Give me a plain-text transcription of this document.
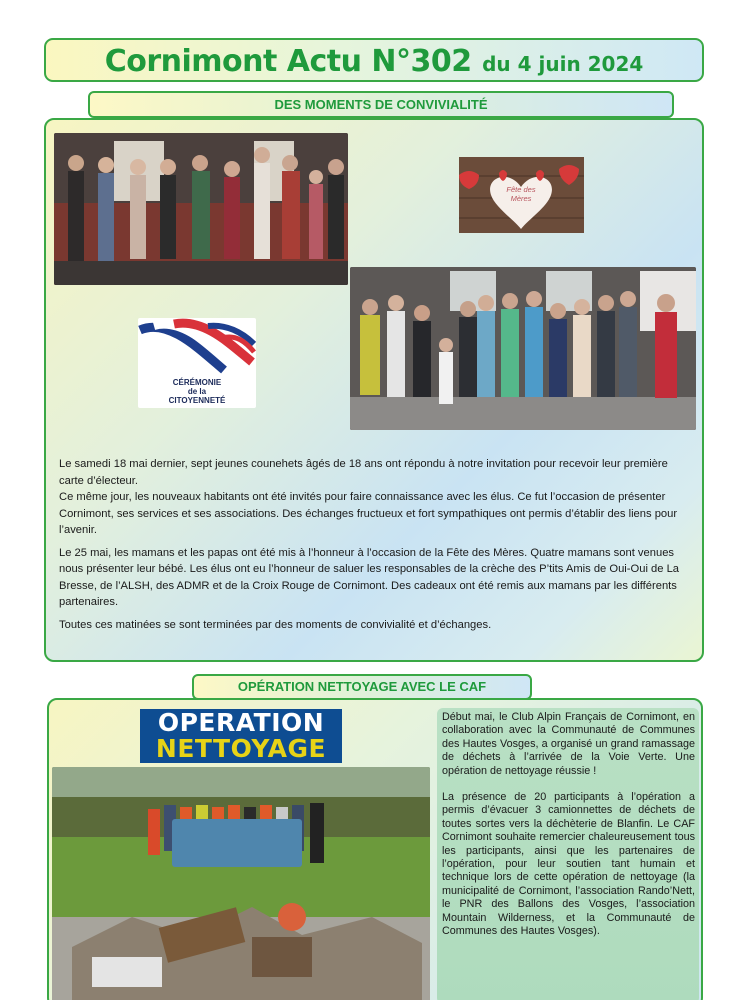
Cornimont Actu N°302 du 4 juin 2024
DES MOMENTS DE CONVIVIALITÉ
Fête des
Mères
CÉRÉMONIE
de la
CITOYENNETÉ

Le samedi 18 mai dernier, sept jeunes counehets âgés de 18 ans ont répondu à notre invitation pour recevoir leur première carte d’électeur.

Ce même jour, les nouveaux habitants ont été invités pour faire connaissance avec les élus. Ce fut l’occasion de présenter Cornimont, ses services et ses associations. Des échanges fructueux et fort sympathiques ont permis d’établir des liens pour l’avenir.

Le 25 mai, les mamans et les papas ont été mis à l’honneur à l’occasion de la Fête des Mères. Quatre mamans sont venues nous présenter leur bébé. Les élus ont eu l’honneur de saluer les responsables de la crèche des P’tits Amis de Oui-Oui de La Bresse, de l’ALSH, des ADMR et de la Croix Rouge de Cornimont. Des cadeaux ont été remis aux mamans par les différents partenaires.

Toutes ces matinées se sont terminées par des moments de convivialité et d’échanges.

OPÉRATION NETTOYAGE AVEC LE CAF
OPERATION
NETTOYAGE

Début mai, le Club Alpin Français de Cornimont, en collaboration avec la Communauté de Communes des Hautes Vosges, a organisé un grand ramassage de déchets à l’arrivée de la Voie Verte. Une opération de nettoyage réussie !

La présence de 20 participants à l’opération a permis d’évacuer 3 camionnettes de déchets de toutes sortes vers la déchèterie de Blanfin. Le CAF Cornimont souhaite remercier chaleureusement tous les participants, ainsi que les partenaires de l’opération, pour leur soutien tant humain et technique lors de cette opération de nettoyage (la municipalité de Cornimont, l’association Rando’Nett, le PNR des Ballons des Vosges, l’association Mountain Wilderness, et la Communauté de Communes des Hautes Vosges).
